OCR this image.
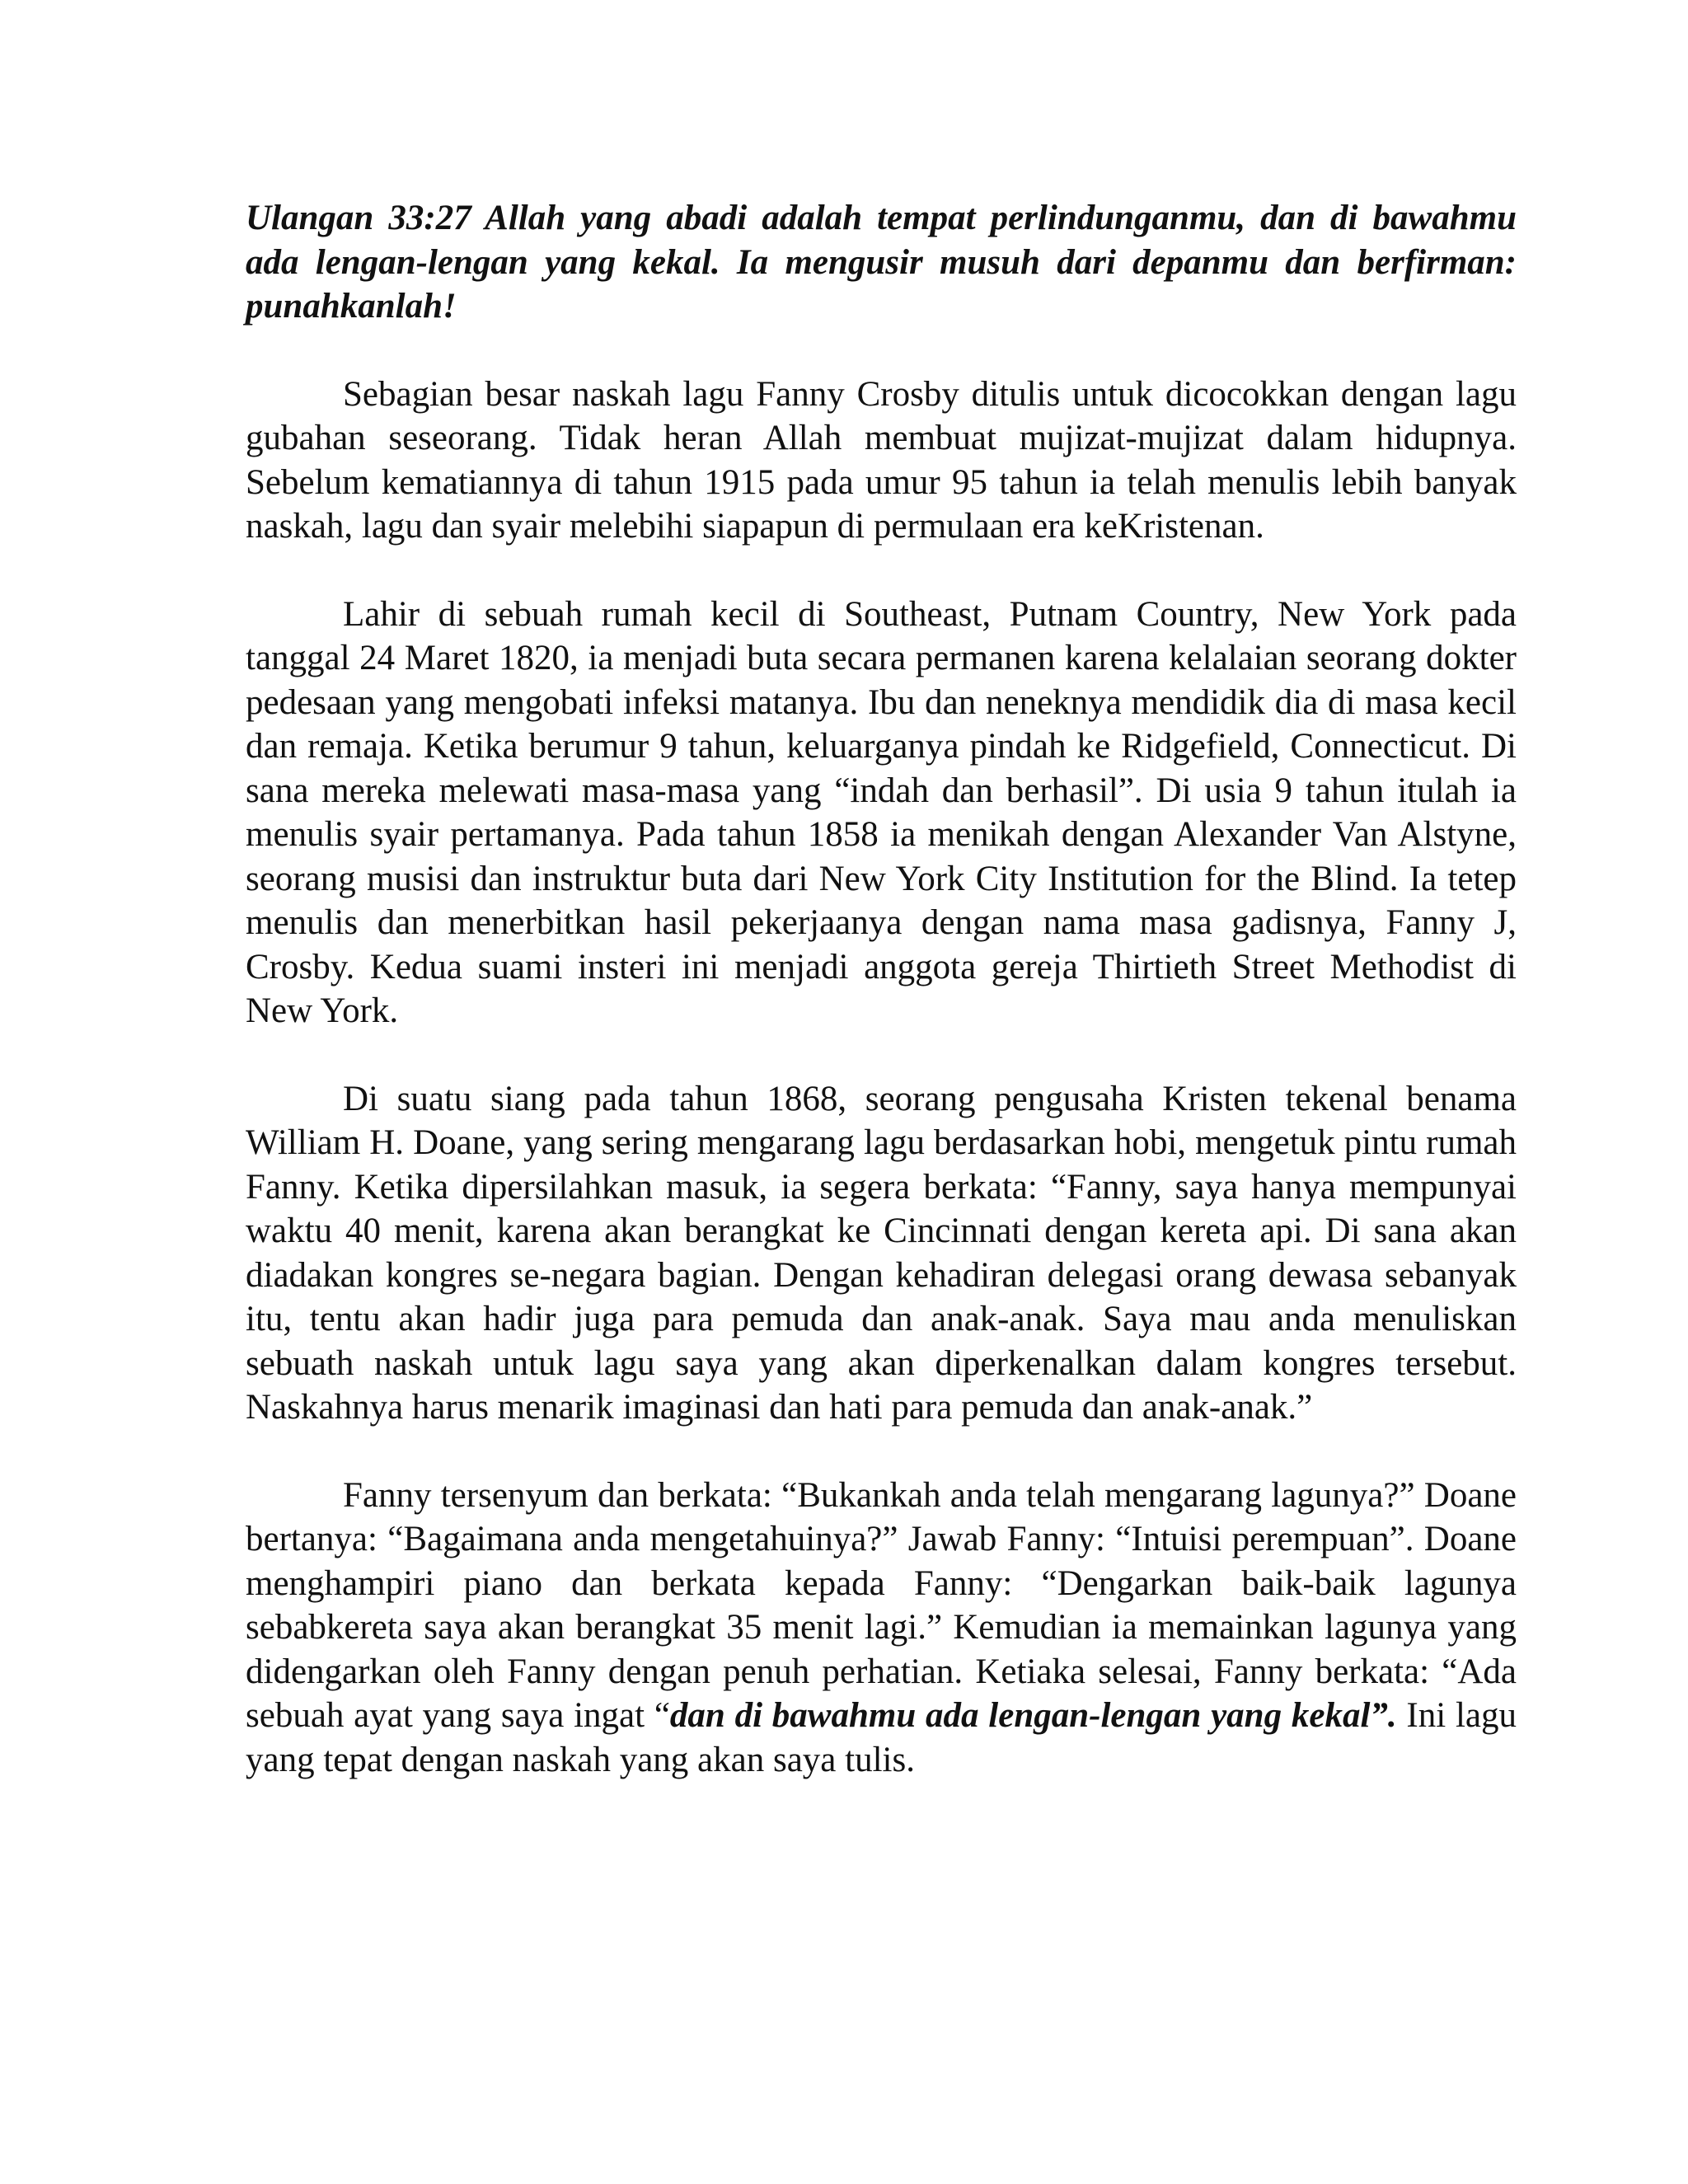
Ulangan 33:27 Allah yang abadi adalah tempat perlindunganmu, dan di bawahmu ada lengan-lengan yang kekal. Ia mengusir musuh dari depanmu dan berfirman: punahkanlah!

Sebagian besar naskah lagu Fanny Crosby ditulis untuk dicocokkan dengan lagu gubahan seseorang. Tidak heran Allah membuat mujizat-mujizat dalam hidupnya. Sebelum kematiannya di tahun 1915 pada umur 95 tahun ia telah menulis lebih banyak naskah, lagu dan syair melebihi siapapun di permulaan era keKristenan.

Lahir di sebuah rumah kecil di Southeast, Putnam Country, New York pada tanggal 24 Maret 1820, ia menjadi buta secara permanen karena kelalaian seorang dokter pedesaan yang mengobati infeksi matanya. Ibu dan neneknya mendidik dia di masa kecil dan remaja. Ketika berumur 9 tahun, keluarganya pindah ke Ridgefield, Connecticut. Di sana mereka melewati masa-masa yang “indah dan berhasil”. Di usia 9 tahun itulah ia menulis syair pertamanya. Pada tahun 1858 ia menikah dengan Alexander Van Alstyne, seorang musisi dan instruktur buta dari New York City Institution for the Blind. Ia tetep menulis dan menerbitkan hasil pekerjaanya dengan nama masa gadisnya, Fanny J, Crosby. Kedua suami insteri ini menjadi anggota gereja Thirtieth Street Methodist di New York.

Di suatu siang pada tahun 1868, seorang pengusaha Kristen tekenal benama William H. Doane, yang sering mengarang lagu berdasarkan hobi, mengetuk pintu rumah Fanny. Ketika dipersilahkan masuk, ia segera berkata: “Fanny, saya hanya mempunyai waktu 40 menit, karena akan berangkat ke Cincinnati dengan kereta api. Di sana akan diadakan kongres se-negara bagian. Dengan kehadiran delegasi orang dewasa sebanyak itu, tentu akan hadir juga para pemuda dan anak-anak. Saya mau anda menuliskan sebuath naskah untuk lagu saya yang akan diperkenalkan dalam kongres tersebut. Naskahnya harus menarik imaginasi dan hati para pemuda dan anak-anak.”

Fanny tersenyum dan berkata: “Bukankah anda telah mengarang lagunya?” Doane bertanya: “Bagaimana anda mengetahuinya?” Jawab Fanny: “Intuisi perempuan”. Doane menghampiri piano dan berkata kepada Fanny: “Dengarkan baik-baik lagunya sebabkereta saya akan berangkat 35 menit lagi.” Kemudian ia memainkan lagunya yang didengarkan oleh Fanny dengan penuh perhatian. Ketiaka selesai, Fanny berkata: “Ada sebuah ayat yang saya ingat “dan di bawahmu ada lengan-lengan yang kekal”. Ini lagu yang tepat dengan naskah yang akan saya tulis.
